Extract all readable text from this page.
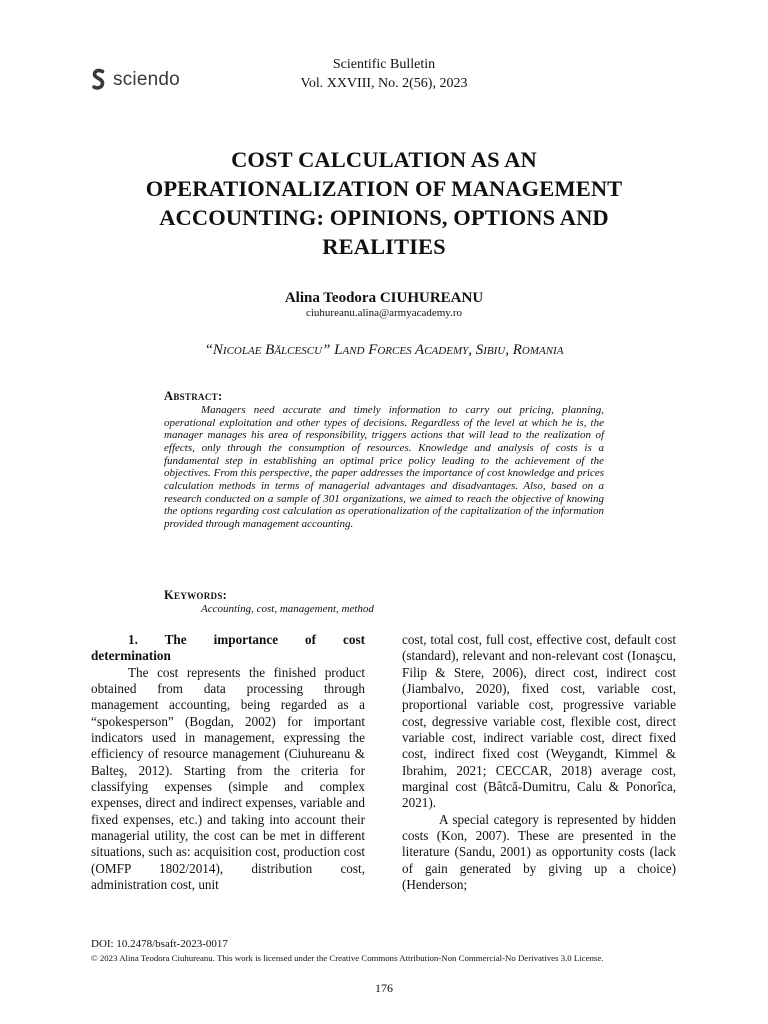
sciendo
Scientific Bulletin
Vol. XXVIII, No. 2(56), 2023
COST CALCULATION AS AN OPERATIONALIZATION OF MANAGEMENT ACCOUNTING: OPINIONS, OPTIONS AND REALITIES
Alina Teodora CIUHUREANU
ciuhureanu.alina@armyacademy.ro
“Nicolae Bălcescu” Land Forces Academy, Sibiu, Romania
Abstract:
Managers need accurate and timely information to carry out pricing, planning, operational exploitation and other types of decisions. Regardless of the level at which he is, the manager manages his area of responsibility, triggers actions that will lead to the realization of effects, only through the consumption of resources. Knowledge and analysis of costs is a fundamental step in establishing an optimal price policy leading to the achievement of the objectives. From this perspective, the paper addresses the importance of cost knowledge and prices calculation methods in terms of managerial advantages and disadvantages. Also, based on a research conducted on a sample of 301 organizations, we aimed to reach the objective of knowing the options regarding cost calculation as operationalization of the capitalization of the information provided through management accounting.
Keywords:
Accounting, cost, management, method
1. The importance of cost
determination

The cost represents the finished product obtained from data processing through management accounting, being regarded as a “spokesperson” (Bogdan, 2002) for important indicators used in management, expressing the efficiency of resource management (Ciuhureanu & Balteş, 2012). Starting from the criteria for classifying expenses (simple and complex expenses, direct and indirect expenses, variable and fixed expenses, etc.) and taking into account their managerial utility, the cost can be met in different situations, such as: acquisition cost, production cost (OMFP 1802/2014), distribution cost, administration cost, unit

cost, total cost, full cost, effective cost, default cost (standard), relevant and non-relevant cost (Ionaşcu, Filip & Stere, 2006), direct cost, indirect cost (Jiambalvo, 2020), fixed cost, variable cost, proportional variable cost, progressive variable cost, degressive variable cost, flexible cost, direct variable cost, indirect variable cost, direct fixed cost, indirect fixed cost (Weygandt, Kimmel & Ibrahim, 2021; CECCAR, 2018) average cost, marginal cost (Bâtcă-Dumitru, Calu & Ponorîca, 2021).

A special category is represented by hidden costs (Kon, 2007). These are presented in the literature (Sandu, 2001) as opportunity costs (lack of gain generated by giving up a choice) (Henderson;

DOI: 10.2478/bsaft-2023-0017
© 2023 Alina Teodora Ciuhureanu. This work is licensed under the Creative Commons Attribution-Non Commercial-No Derivatives 3.0 License.
176
